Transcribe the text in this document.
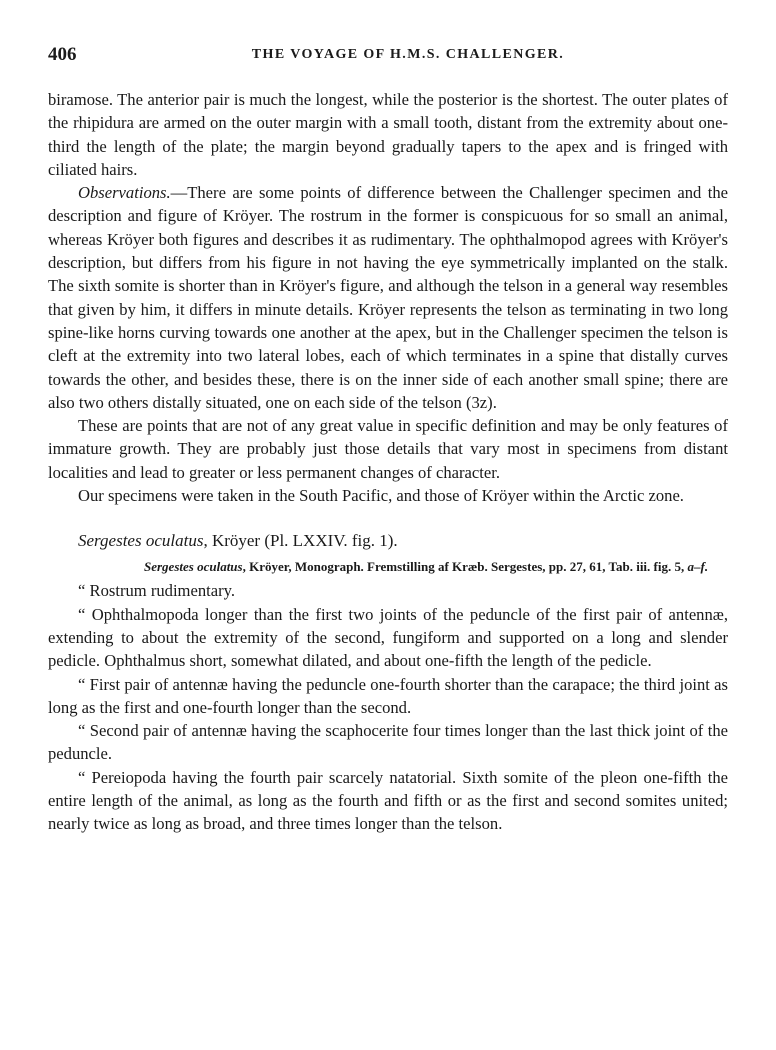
406	THE VOYAGE OF H.M.S. CHALLENGER.

biramose. The anterior pair is much the longest, while the posterior is the shortest. The outer plates of the rhipidura are armed on the outer margin with a small tooth, distant from the extremity about one-third the length of the plate; the margin beyond gradually tapers to the apex and is fringed with ciliated hairs.

Observations.—There are some points of difference between the Challenger specimen and the description and figure of Kröyer. The rostrum in the former is conspicuous for so small an animal, whereas Kröyer both figures and describes it as rudimentary. The ophthalmopod agrees with Kröyer's description, but differs from his figure in not having the eye symmetrically implanted on the stalk. The sixth somite is shorter than in Kröyer's figure, and although the telson in a general way resembles that given by him, it differs in minute details. Kröyer represents the telson as terminating in two long spine-like horns curving towards one another at the apex, but in the Challenger specimen the telson is cleft at the extremity into two lateral lobes, each of which terminates in a spine that distally curves towards the other, and besides these, there is on the inner side of each another small spine; there are also two others distally situated, one on each side of the telson (3z).

These are points that are not of any great value in specific definition and may be only features of immature growth. They are probably just those details that vary most in specimens from distant localities and lead to greater or less permanent changes of character.

Our specimens were taken in the South Pacific, and those of Kröyer within the Arctic zone.

Sergestes oculatus, Kröyer (Pl. LXXIV. fig. 1).
Sergestes oculatus, Kröyer, Monograph. Fremstilling af Kræb. Sergestes, pp. 27, 61, Tab. iii. fig. 5, a–f.

“ Rostrum rudimentary.

“ Ophthalmopoda longer than the first two joints of the peduncle of the first pair of antennæ, extending to about the extremity of the second, fungiform and supported on a long and slender pedicle. Ophthalmus short, somewhat dilated, and about one-fifth the length of the pedicle.

“ First pair of antennæ having the peduncle one-fourth shorter than the carapace; the third joint as long as the first and one-fourth longer than the second.

“ Second pair of antennæ having the scaphocerite four times longer than the last thick joint of the peduncle.

“ Pereiopoda having the fourth pair scarcely natatorial. Sixth somite of the pleon one-fifth the entire length of the animal, as long as the fourth and fifth or as the first and second somites united; nearly twice as long as broad, and three times longer than the telson.
